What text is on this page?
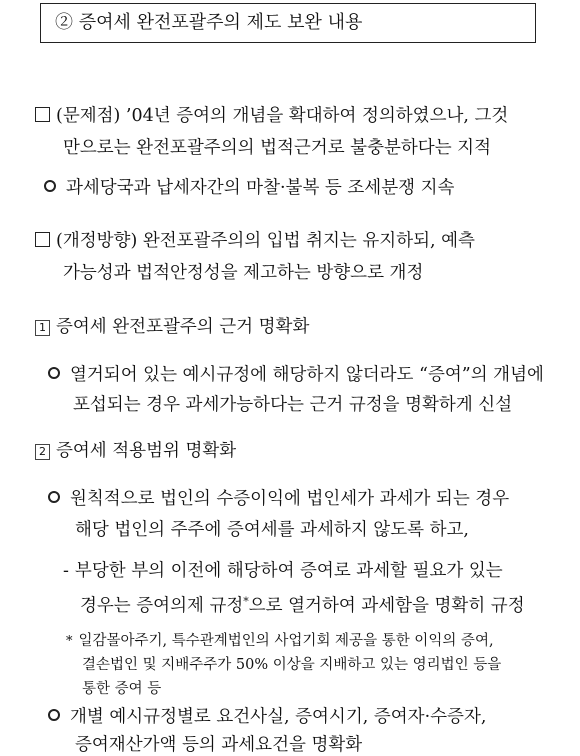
② 증여세 완전포괄주의 제도 보완 내용
(문제점) ’04년 증여의 개념을 확대하여 정의하였으나, 그것
만으로는 완전포괄주의의 법적근거로 불충분하다는 지적
과세당국과 납세자간의 마찰·불복 등 조세분쟁 지속
(개정방향) 완전포괄주의의 입법 취지는 유지하되, 예측
가능성과 법적안정성을 제고하는 방향으로 개정
1 증여세 완전포괄주의 근거 명확화
열거되어 있는 예시규정에 해당하지 않더라도 “증여”의 개념에
포섭되는 경우 과세가능하다는 근거 규정을 명확하게 신설
2 증여세 적용범위 명확화
원칙적으로 법인의 수증이익에 법인세가 과세가 되는 경우
해당 법인의 주주에 증여세를 과세하지 않도록 하고,
- 부당한 부의 이전에 해당하여 증여로 과세할 필요가 있는
경우는 증여의제 규정*으로 열거하여 과세함을 명확히 규정
* 일감몰아주기, 특수관계법인의 사업기회 제공을 통한 이익의 증여,
결손법인 및 지배주주가 50% 이상을 지배하고 있는 영리법인 등을
통한 증여 등
개별 예시규정별로 요건사실, 증여시기, 증여자·수증자,
증여재산가액 등의 과세요건을 명확화
